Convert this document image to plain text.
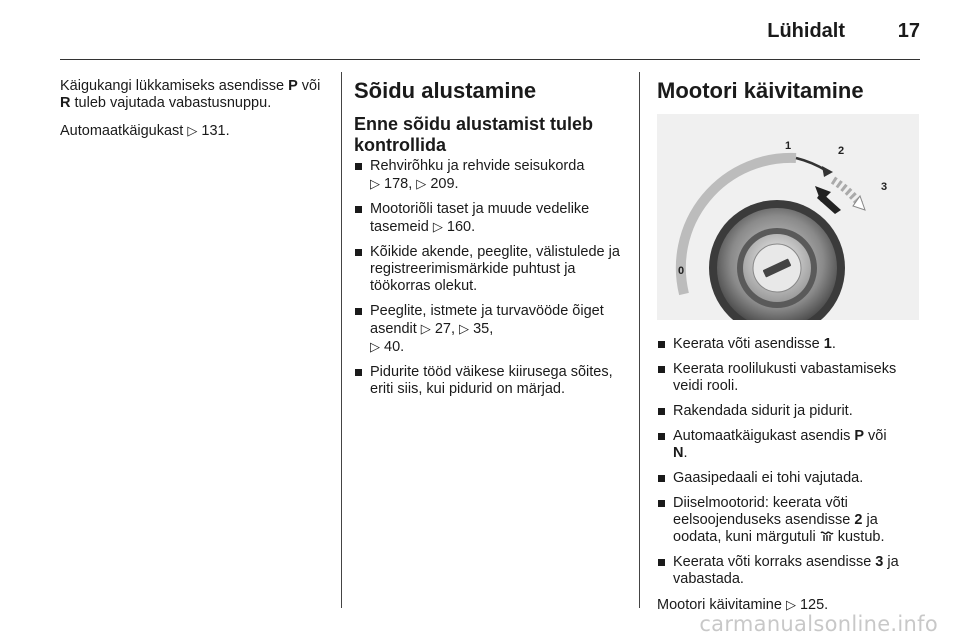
Lühidalt	17

Käigukangi lükkamiseks asendisse P või R tuleb vajutada vabastusnuppu.

Automaatkäigukast ▷ 131.

Sõidu alustamine
Enne sõidu alustamist tuleb kontrollida
Rehvirõhku ja rehvide seisukorda
▷ 178, ▷ 209.
Mootoriõli taset ja muude vedelike tasemeid ▷ 160.
Kõikide akende, peeglite, välistulede ja registreerimismärkide puhtust ja töökorras olekut.
Peeglite, istmete ja turvavööde õiget asendit ▷ 27, ▷ 35,
▷ 40.
Pidurite tööd väikese kiirusega sõites, eriti siis, kui pidurid on märjad.
Mootori käivitamine
0
1	2
3
Keerata võti asendisse 1.
Keerata roolilukusti vabastamiseks veidi rooli.
Rakendada sidurit ja pidurit.
Automaatkäigukast asendis P või
N.
Gaasipedaali ei tohi vajutada.
Diiselmootorid: keerata võti eelsoojenduseks asendisse 2 ja oodata, kuni märgutuli  kustub.
Keerata võti korraks asendisse 3 ja vabastada.

Mootori käivitamine ▷ 125.

carmanualsonline.info
